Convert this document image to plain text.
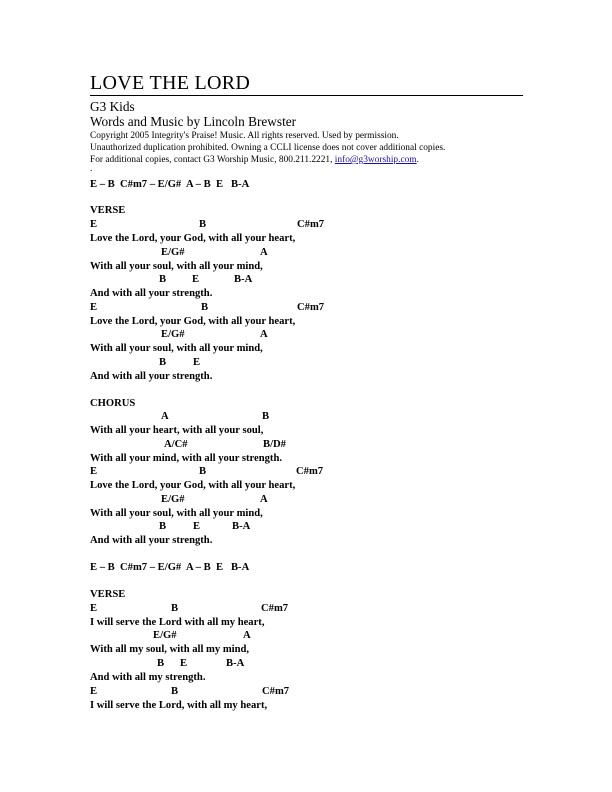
LOVE THE LORD
G3 Kids
Words and Music by Lincoln Brewster
Copyright 2005 Integrity's Praise! Music. All rights reserved. Used by permission.
Unauthorized duplication prohibited. Owning a CCLI license does not cover additional copies.
For additional copies, contact G3 Worship Music, 800.211.2221, info@g3worship.com.
.
E – B  C#m7 – E/G#  A – B  E   B-A
VERSE
E	B	C#m7
Love the Lord, your God, with all your heart,
E/G#	A
With all your soul, with all your mind,
B E	B-A
And with all your strength.
E	B	C#m7
Love the Lord, your God, with all your heart,
E/G#	A
With all your soul, with all your mind,
B	E
And with all your strength.
CHORUS
A	B
With all your heart, with all your soul,
A/C#	B/D#
With all your mind, with all your strength.
E	B	C#m7
Love the Lord, your God, with all your heart,
E/G#	A
With all your soul, with all your mind,
B	E	B-A
And with all your strength.
E – B  C#m7 – E/G#  A – B  E   B-A
VERSE
E	B	C#m7
I will serve the Lord with all my heart,
E/G#	A
With all my soul, with all my mind,
B E	B-A
And with all my strength.
E	B	C#m7
I will serve the Lord, with all my heart,
